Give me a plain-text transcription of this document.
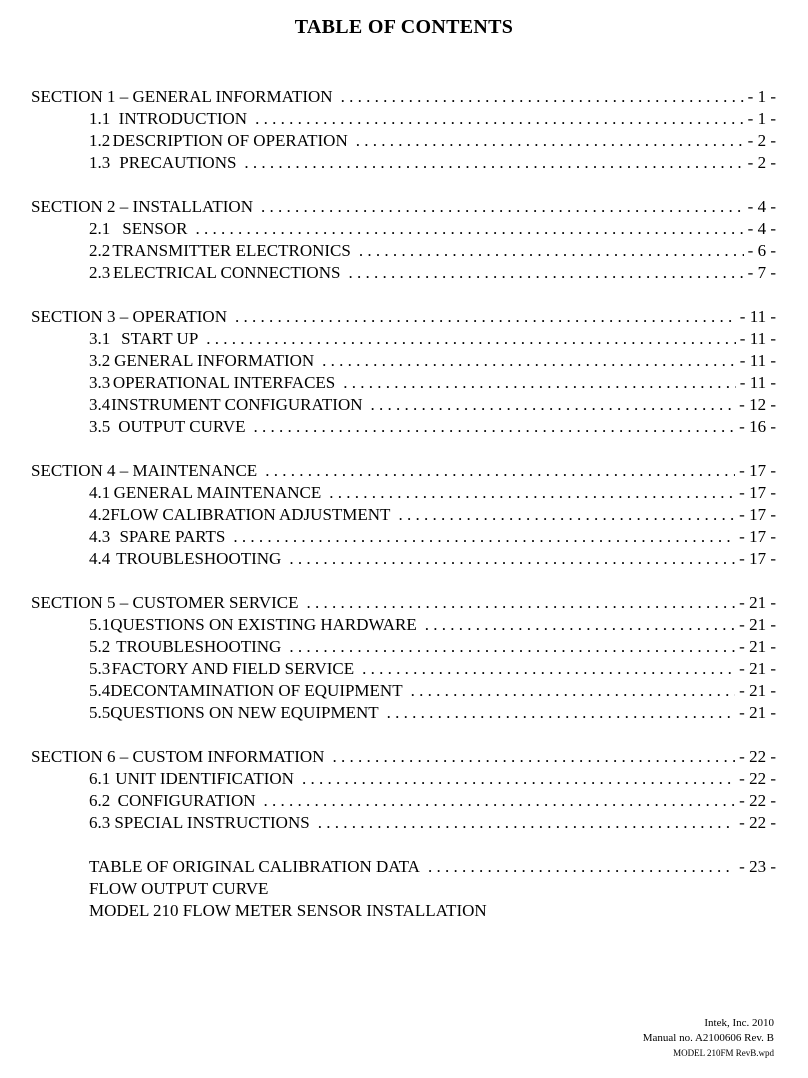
TABLE OF CONTENTS
SECTION 1 – GENERAL INFORMATION . . .	- 1 -
1.1 INTRODUCTION . . .	- 1 -
1.2 DESCRIPTION OF OPERATION . . .	- 2 -
1.3 PRECAUTIONS . . .	- 2 -
SECTION 2 – INSTALLATION . . .	- 4 -
2.1 SENSOR . . .	- 4 -
2.2 TRANSMITTER ELECTRONICS . . .	- 6 -
2.3 ELECTRICAL CONNECTIONS . . .	- 7 -
SECTION 3 – OPERATION . . .	- 11 -
3.1 START UP . . .	- 11 -
3.2 GENERAL INFORMATION . . .	- 11 -
3.3 OPERATIONAL INTERFACES . . .	- 11 -
3.4 INSTRUMENT CONFIGURATION . . .	- 12 -
3.5 OUTPUT CURVE . . .	- 16 -
SECTION 4 – MAINTENANCE . . .	- 17 -
4.1 GENERAL MAINTENANCE . . .	- 17 -
4.2 FLOW CALIBRATION ADJUSTMENT . . .	- 17 -
4.3 SPARE PARTS . . .	- 17 -
4.4 TROUBLESHOOTING . . .	- 17 -
SECTION 5 – CUSTOMER SERVICE . . .	- 21 -
5.1 QUESTIONS ON EXISTING HARDWARE . . .	- 21 -
5.2 TROUBLESHOOTING . . .	- 21 -
5.3 FACTORY AND FIELD SERVICE . . .	- 21 -
5.4 DECONTAMINATION OF EQUIPMENT . . .	- 21 -
5.5 QUESTIONS ON NEW EQUIPMENT . . .	- 21 -
SECTION 6 – CUSTOM INFORMATION . . .	- 22 -
6.1 UNIT IDENTIFICATION . . .	- 22 -
6.2 CONFIGURATION . . .	- 22 -
6.3 SPECIAL INSTRUCTIONS . . .	- 22 -
TABLE OF ORIGINAL CALIBRATION DATA . . .	- 23 -
FLOW OUTPUT CURVE
MODEL 210 FLOW METER SENSOR INSTALLATION
Intek, Inc. 2010
Manual no. A2100606 Rev. B
MODEL 210FM RevB.wpd
